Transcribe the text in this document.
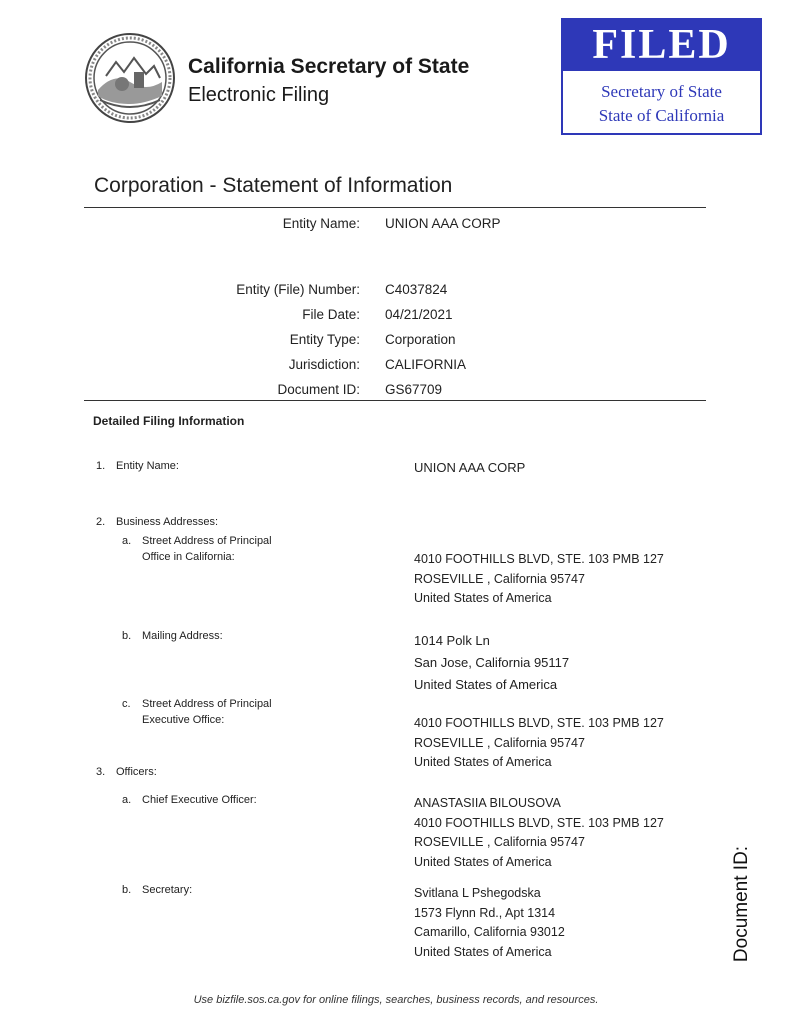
California Secretary of State
Electronic Filing
FILED
Secretary of State
State of California
Corporation - Statement of Information
Entity Name: UNION AAA CORP
Entity (File) Number: C4037824
File Date: 04/21/2021
Entity Type: Corporation
Jurisdiction: CALIFORNIA
Document ID: GS67709
Detailed Filing Information
1. Entity Name:	UNION AAA CORP
2. Business Addresses:
a. Street Address of Principal
Office in California:	4010 FOOTHILLS BLVD, STE. 103 PMB 127
ROSEVILLE , California 95747
United States of America
b. Mailing Address:	1014 Polk Ln
San Jose, California 95117
United States of America
c. Street Address of Principal
Executive Office:	4010 FOOTHILLS BLVD, STE. 103 PMB 127
ROSEVILLE , California 95747
United States of America
3. Officers:
a. Chief Executive Officer:	ANASTASIIA BILOUSOVA
4010 FOOTHILLS BLVD, STE. 103 PMB 127
ROSEVILLE , California 95747
United States of America
b. Secretary:	Svitlana L Pshegodska
1573 Flynn Rd., Apt 1314
Camarillo, California 93012
United States of America	Document ID:
Use bizfile.sos.ca.gov for online filings, searches, business records, and resources.
